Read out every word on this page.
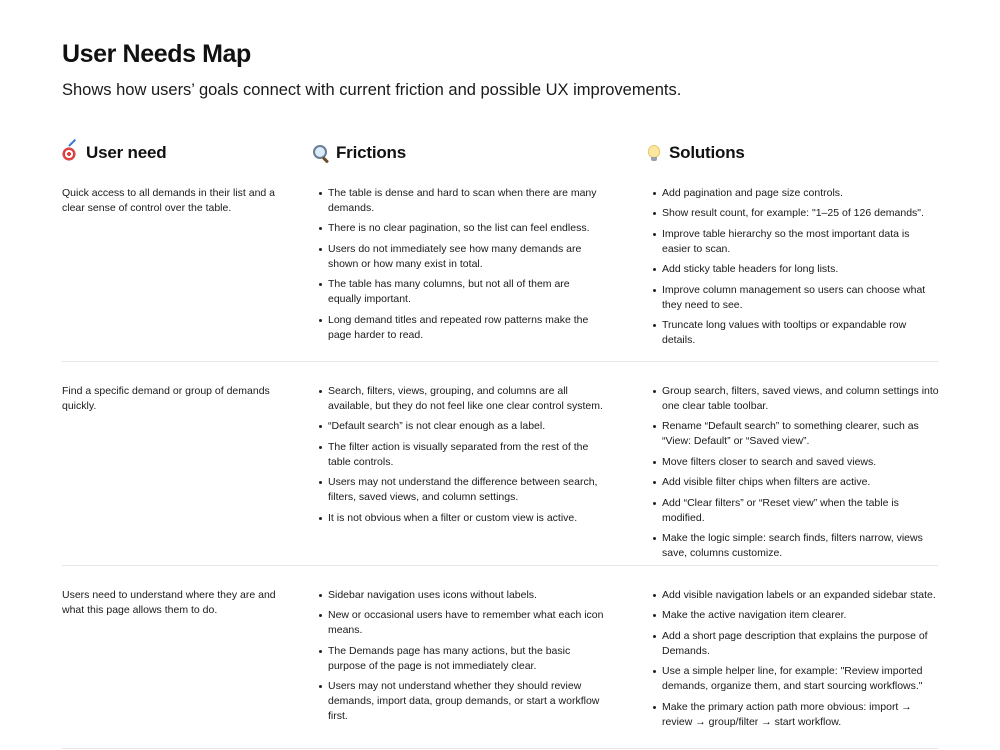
User Needs Map

Shows how users’ goals connect with current friction and possible UX improvements.

User need	Frictions	Solutions
Quick access to all demands in their list and a clear sense of control over the table.
The table is dense and hard to scan when there are many demands.
There is no clear pagination, so the list can feel endless.
Users do not immediately see how many demands are shown or how many exist in total.
The table has many columns, but not all of them are equally important.
Long demand titles and repeated row patterns make the page harder to read.
Add pagination and page size controls.
Show result count, for example: "1–25 of 126 demands".
Improve table hierarchy so the most important data is easier to scan.
Add sticky table headers for long lists.
Improve column management so users can choose what they need to see.
Truncate long values with tooltips or expandable row details.
Find a specific demand or group of demands quickly.
Search, filters, views, grouping, and columns are all available, but they do not feel like one clear control system.
“Default search” is not clear enough as a label.
The filter action is visually separated from the rest of the table controls.
Users may not understand the difference between search, filters, saved views, and column settings.
It is not obvious when a filter or custom view is active.
Group search, filters, saved views, and column settings into one clear table toolbar.
Rename “Default search” to something clearer, such as “View: Default” or “Saved view”.
Move filters closer to search and saved views.
Add visible filter chips when filters are active.
Add “Clear filters” or “Reset view” when the table is modified.
Make the logic simple: search finds, filters narrow, views save, columns customize.
Users need to understand where they are and what this page allows them to do.
Sidebar navigation uses icons without labels.
New or occasional users have to remember what each icon means.
The Demands page has many actions, but the basic purpose of the page is not immediately clear.
Users may not understand whether they should review demands, import data, group demands, or start a workflow first.
Add visible navigation labels or an expanded sidebar state.
Make the active navigation item clearer.
Add a short page description that explains the purpose of Demands.
Use a simple helper line, for example: "Review imported demands, organize them, and start sourcing workflows."
Make the primary action path more obvious: import → review → group/filter → start workflow.
